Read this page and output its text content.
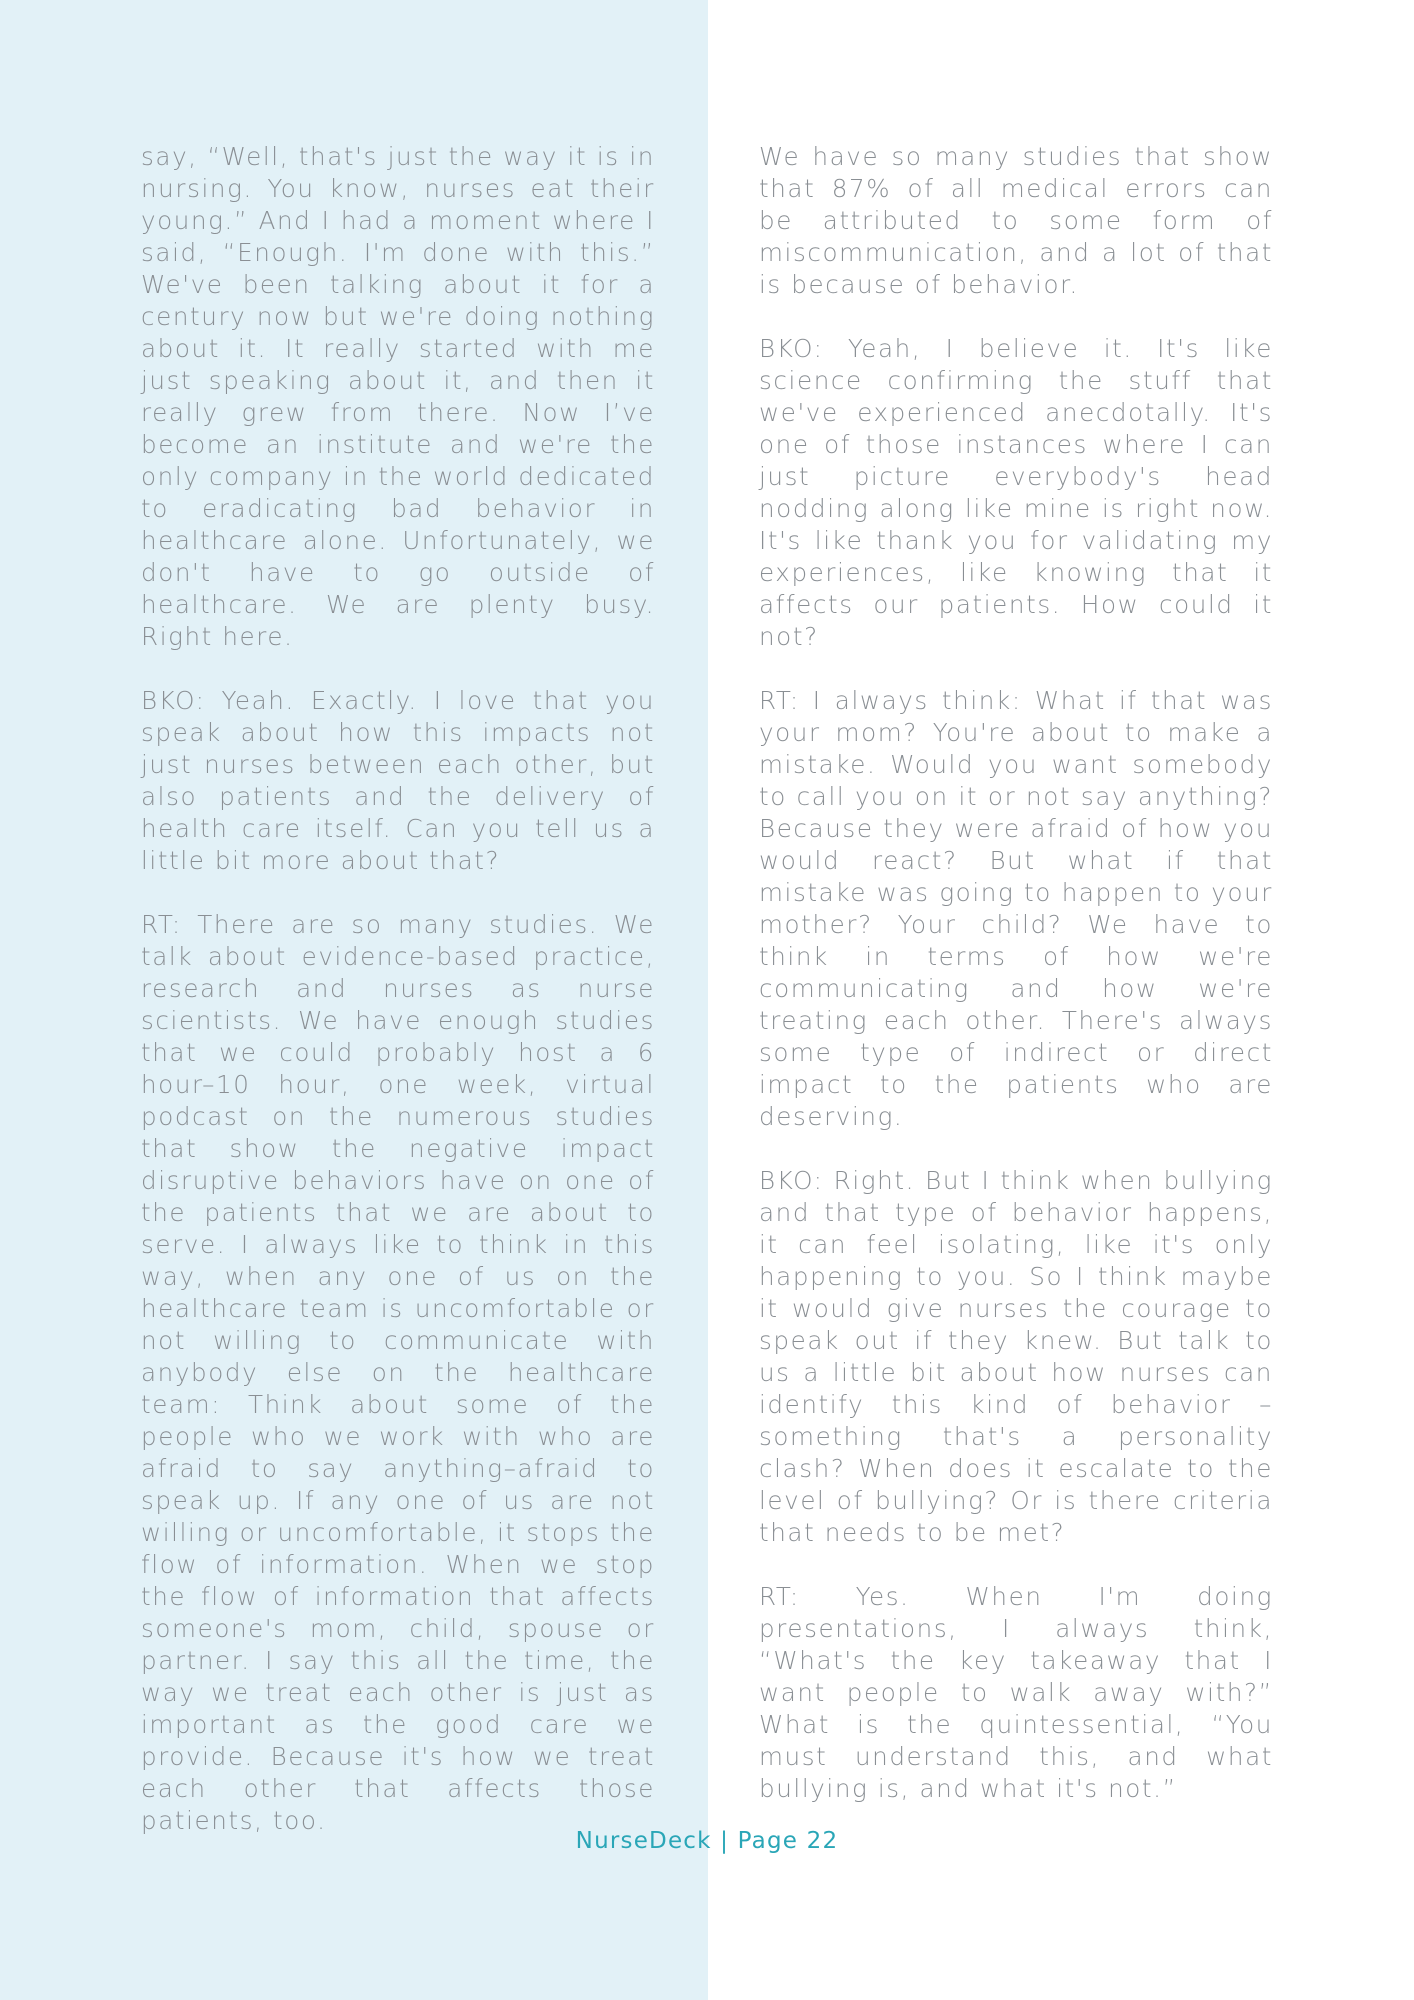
say, “Well, that's just the way it is in nursing. You know, nurses eat their young.” And I had a moment where I said, “Enough. I'm done with this.” We've been talking about it for a century now but we're doing nothing about it. It really started with me just speaking about it, and then it really grew from there. Now I’ve become an institute and we're the only company in the world dedicated to eradicating bad behavior in healthcare alone. Unfortunately, we don't have to go outside of healthcare. We are plenty busy. Right here.

BKO: Yeah. Exactly. I love that you speak about how this impacts not just nurses between each other, but also patients and the delivery of health care itself. Can you tell us a little bit more about that?

RT: There are so many studies. We talk about evidence-based practice, research and nurses as nurse scientists. We have enough studies that we could probably host a 6 hour–10 hour, one week, virtual podcast on the numerous studies that show the negative impact disruptive behaviors have on one of the patients that we are about to serve. I always like to think in this way, when any one of us on the healthcare team is uncomfortable or not willing to communicate with anybody else on the healthcare team: Think about some of the people who we work with who are afraid to say anything–afraid to speak up. If any one of us are not willing or uncomfortable, it stops the flow of information. When we stop the flow of information that affects someone's mom, child, spouse or partner. I say this all the time, the way we treat each other is just as important as the good care we provide. Because it's how we treat each other that affects those patients, too.

We have so many studies that show that 87% of all medical errors can be attributed to some form of miscommunication, and a lot of that is because of behavior.

BKO: Yeah, I believe it. It's like science confirming the stuff that we've experienced anecdotally. It's one of those instances where I can just picture everybody's head nodding along like mine is right now. It's like thank you for validating my experiences, like knowing that it affects our patients. How could it not?

RT: I always think: What if that was your mom? You're about to make a mistake. Would you want somebody to call you on it or not say anything? Because they were afraid of how you would react? But what if that mistake was going to happen to your mother? Your child? We have to think in terms of how we're communicating and how we're treating each other. There's always some type of indirect or direct impact to the patients who are deserving.

BKO: Right. But I think when bullying and that type of behavior happens, it can feel isolating, like it's only happening to you. So I think maybe it would give nurses the courage to speak out if they knew. But talk to us a little bit about how nurses can identify this kind of behavior – something that's a personality clash? When does it escalate to the level of bullying? Or is there criteria that needs to be met?

RT: Yes. When I'm doing presentations, I always think, “What's the key takeaway that I want people to walk away with?” What is the quintessential, “You must understand this, and what bullying is, and what it's not.”

NurseDeck | Page 22
